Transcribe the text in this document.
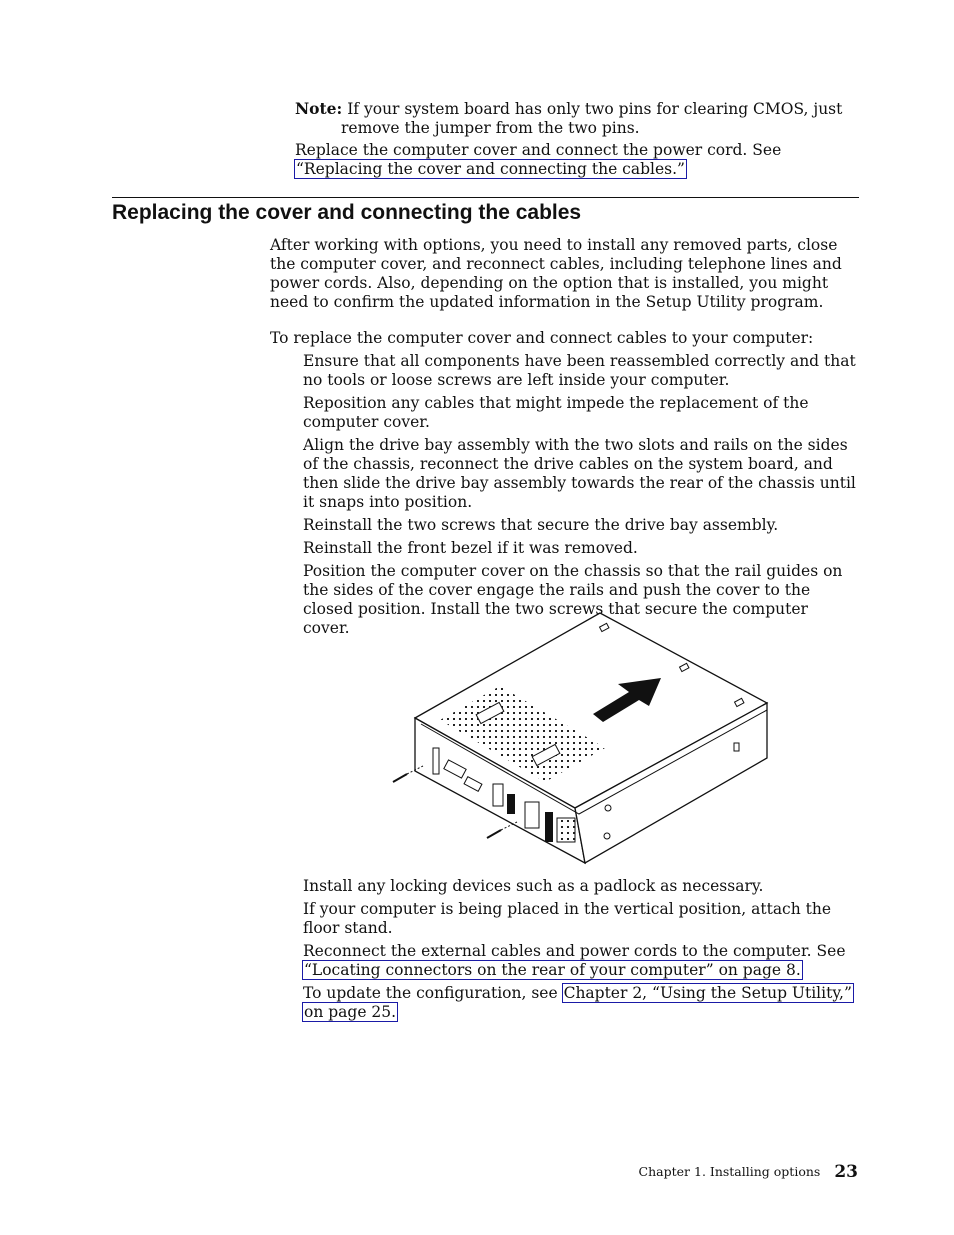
Note: If your system board has only two pins for clearing CMOS, just remove the jumper from the two pins.

Replace the computer cover and connect the power cord. See “Replacing the cover and connecting the cables.”

Replacing the cover and connecting the cables

After working with options, you need to install any removed parts, close the computer cover, and reconnect cables, including telephone lines and power cords. Also, depending on the option that is installed, you might need to confirm the updated information in the Setup Utility program.

To replace the computer cover and connect cables to your computer:

Ensure that all components have been reassembled correctly and that no tools or loose screws are left inside your computer.

Reposition any cables that might impede the replacement of the computer cover.

Align the drive bay assembly with the two slots and rails on the sides of the chassis, reconnect the drive cables on the system board, and then slide the drive bay assembly towards the rear of the chassis until it snaps into position.

Reinstall the two screws that secure the drive bay assembly.

Reinstall the front bezel if it was removed.

Position the computer cover on the chassis so that the rail guides on the sides of the cover engage the rails and push the cover to the closed position. Install the two screws that secure the computer cover.

Install any locking devices such as a padlock as necessary.

If your computer is being placed in the vertical position, attach the floor stand.

Reconnect the external cables and power cords to the computer. See “Locating connectors on the rear of your computer” on page 8.

To update the configuration, see Chapter 2, “Using the Setup Utility,” on page 25.

Chapter 1. Installing options 23
